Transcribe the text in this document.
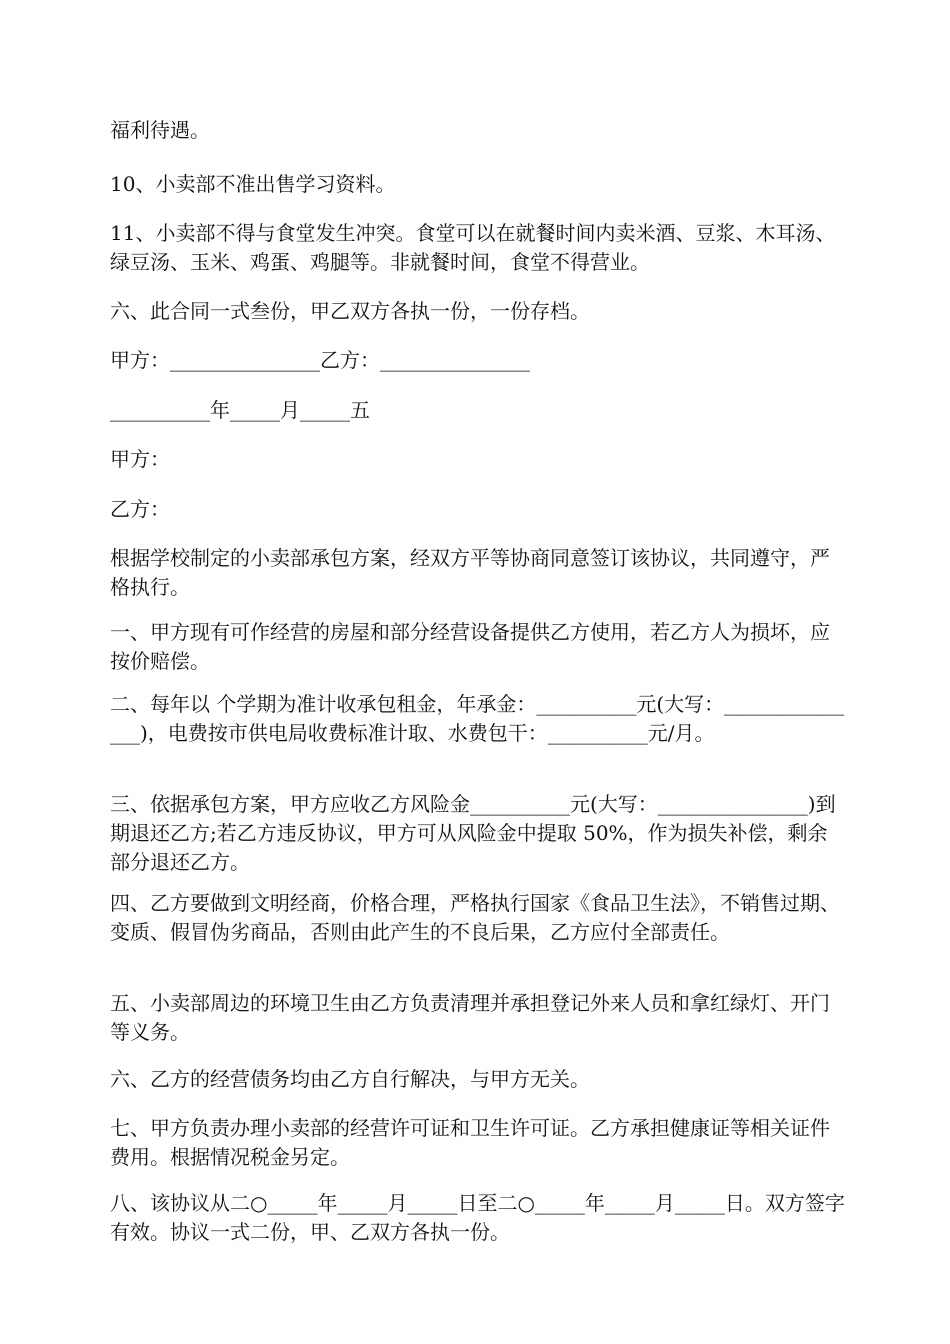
福利待遇。

10、小卖部不准出售学习资料。

11、小卖部不得与食堂发生冲突。食堂可以在就餐时间内卖米酒、豆浆、木耳汤、绿豆汤、玉米、鸡蛋、鸡腿等。非就餐时间，食堂不得营业。

六、此合同一式叁份，甲乙双方各执一份，一份存档。

甲方：_______________乙方：_______________

__________年_____月_____五

甲方：

乙方：

根据学校制定的小卖部承包方案，经双方平等协商同意签订该协议，共同遵守，严格执行。

一、甲方现有可作经营的房屋和部分经营设备提供乙方使用，若乙方人为损坏，应按价赔偿。

二、每年以 个学期为准计收承包租金，年承金：__________元(大写：_______________)，电费按市供电局收费标准计取、水费包干：__________元/月。

三、依据承包方案，甲方应收乙方风险金__________元(大写：_______________)到期退还乙方;若乙方违反协议，甲方可从风险金中提取 50%，作为损失补偿，剩余部分退还乙方。

四、乙方要做到文明经商，价格合理，严格执行国家《食品卫生法》，不销售过期、变质、假冒伪劣商品，否则由此产生的不良后果，乙方应付全部责任。

五、小卖部周边的环境卫生由乙方负责清理并承担登记外来人员和拿红绿灯、开门等义务。

六、乙方的经营债务均由乙方自行解决，与甲方无关。

七、甲方负责办理小卖部的经营许可证和卫生许可证。乙方承担健康证等相关证件费用。根据情况税金另定。

八、该协议从二○_____年_____月_____日至二○_____年_____月_____日。双方签字有效。协议一式二份，甲、乙双方各执一份。
